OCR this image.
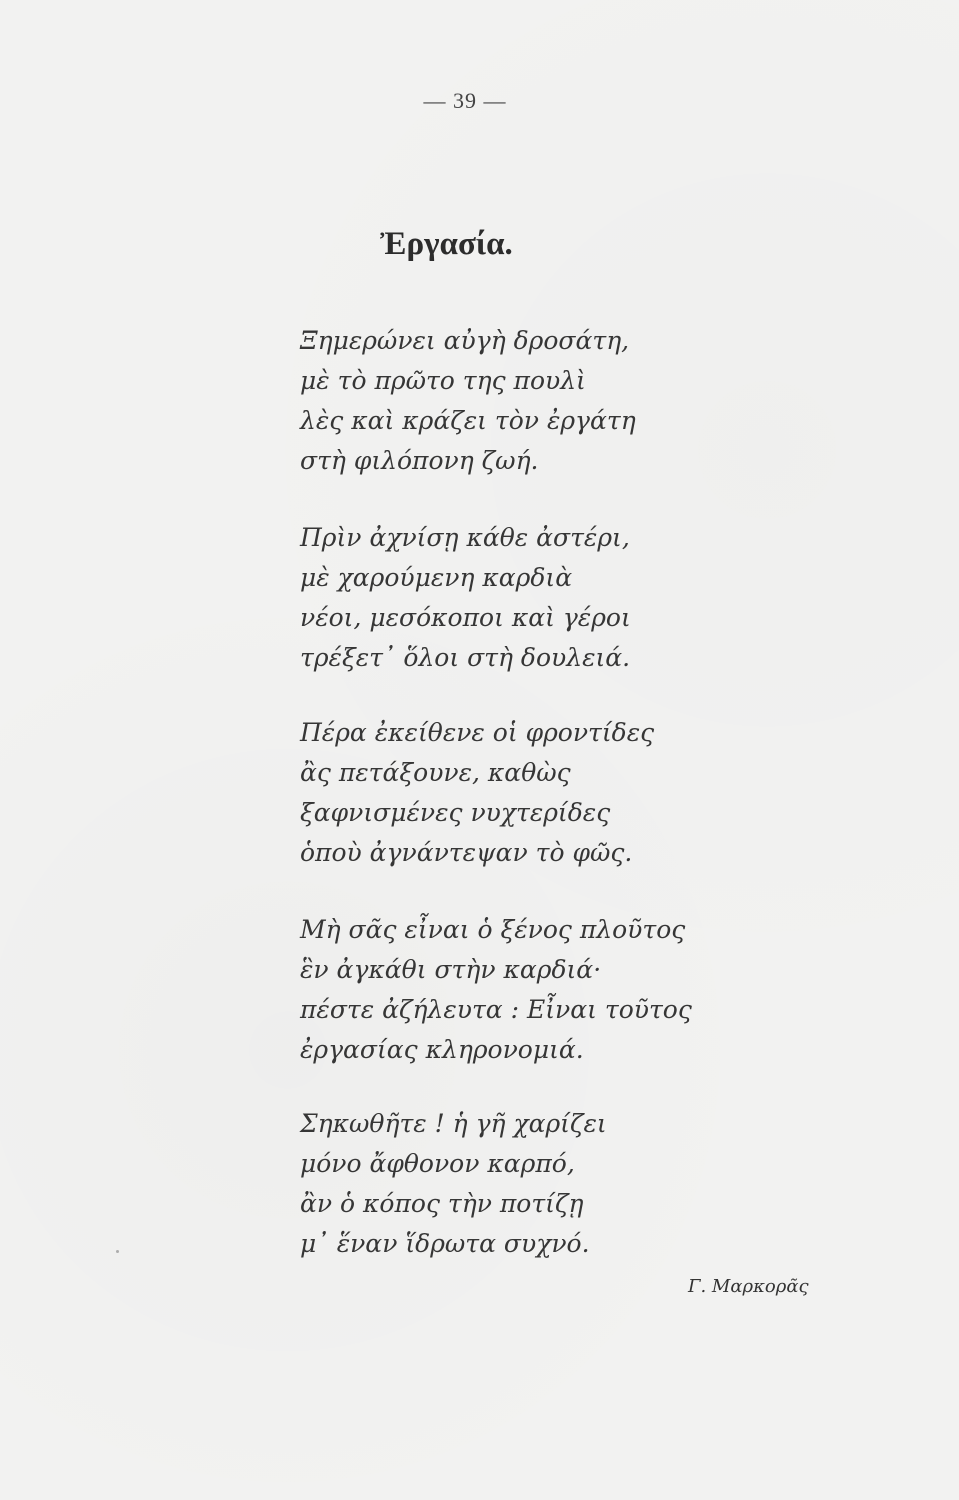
— 39 —
Ἐργασία.
Ξημερώνει αὐγὴ δροσάτη,
μὲ τὸ πρῶτο της πουλὶ
λὲς καὶ κράζει τὸν ἐργάτη
στὴ φιλόπονη ζωή.
Πρὶν ἀχνίσῃ κάθε ἀστέρι,
μὲ χαρούμενη καρδιὰ
νέοι, μεσόκοποι καὶ γέροι
τρέξετ᾽ ὅλοι στὴ δουλειά.
Πέρα ἐκείθενε οἱ φροντίδες
ἂς πετάξουνε, καθὼς
ξαφνισμένες νυχτερίδες
ὁποὺ ἀγνάντεψαν τὸ φῶς.
Μὴ σᾶς εἶναι ὁ ξένος πλοῦτος
ἓν ἀγκάθι στὴν καρδιά·
πέστε ἀζήλευτα : Εἶναι τοῦτος
ἐργασίας κληρονομιά.
Σηκωθῆτε ! ἡ γῆ χαρίζει
μόνο ἄφθονον καρπό,
ἂν ὁ κόπος τὴν ποτίζῃ
μ᾽ ἕναν ἵδρωτα συχνό.
Γ. Μαρκορᾶς
